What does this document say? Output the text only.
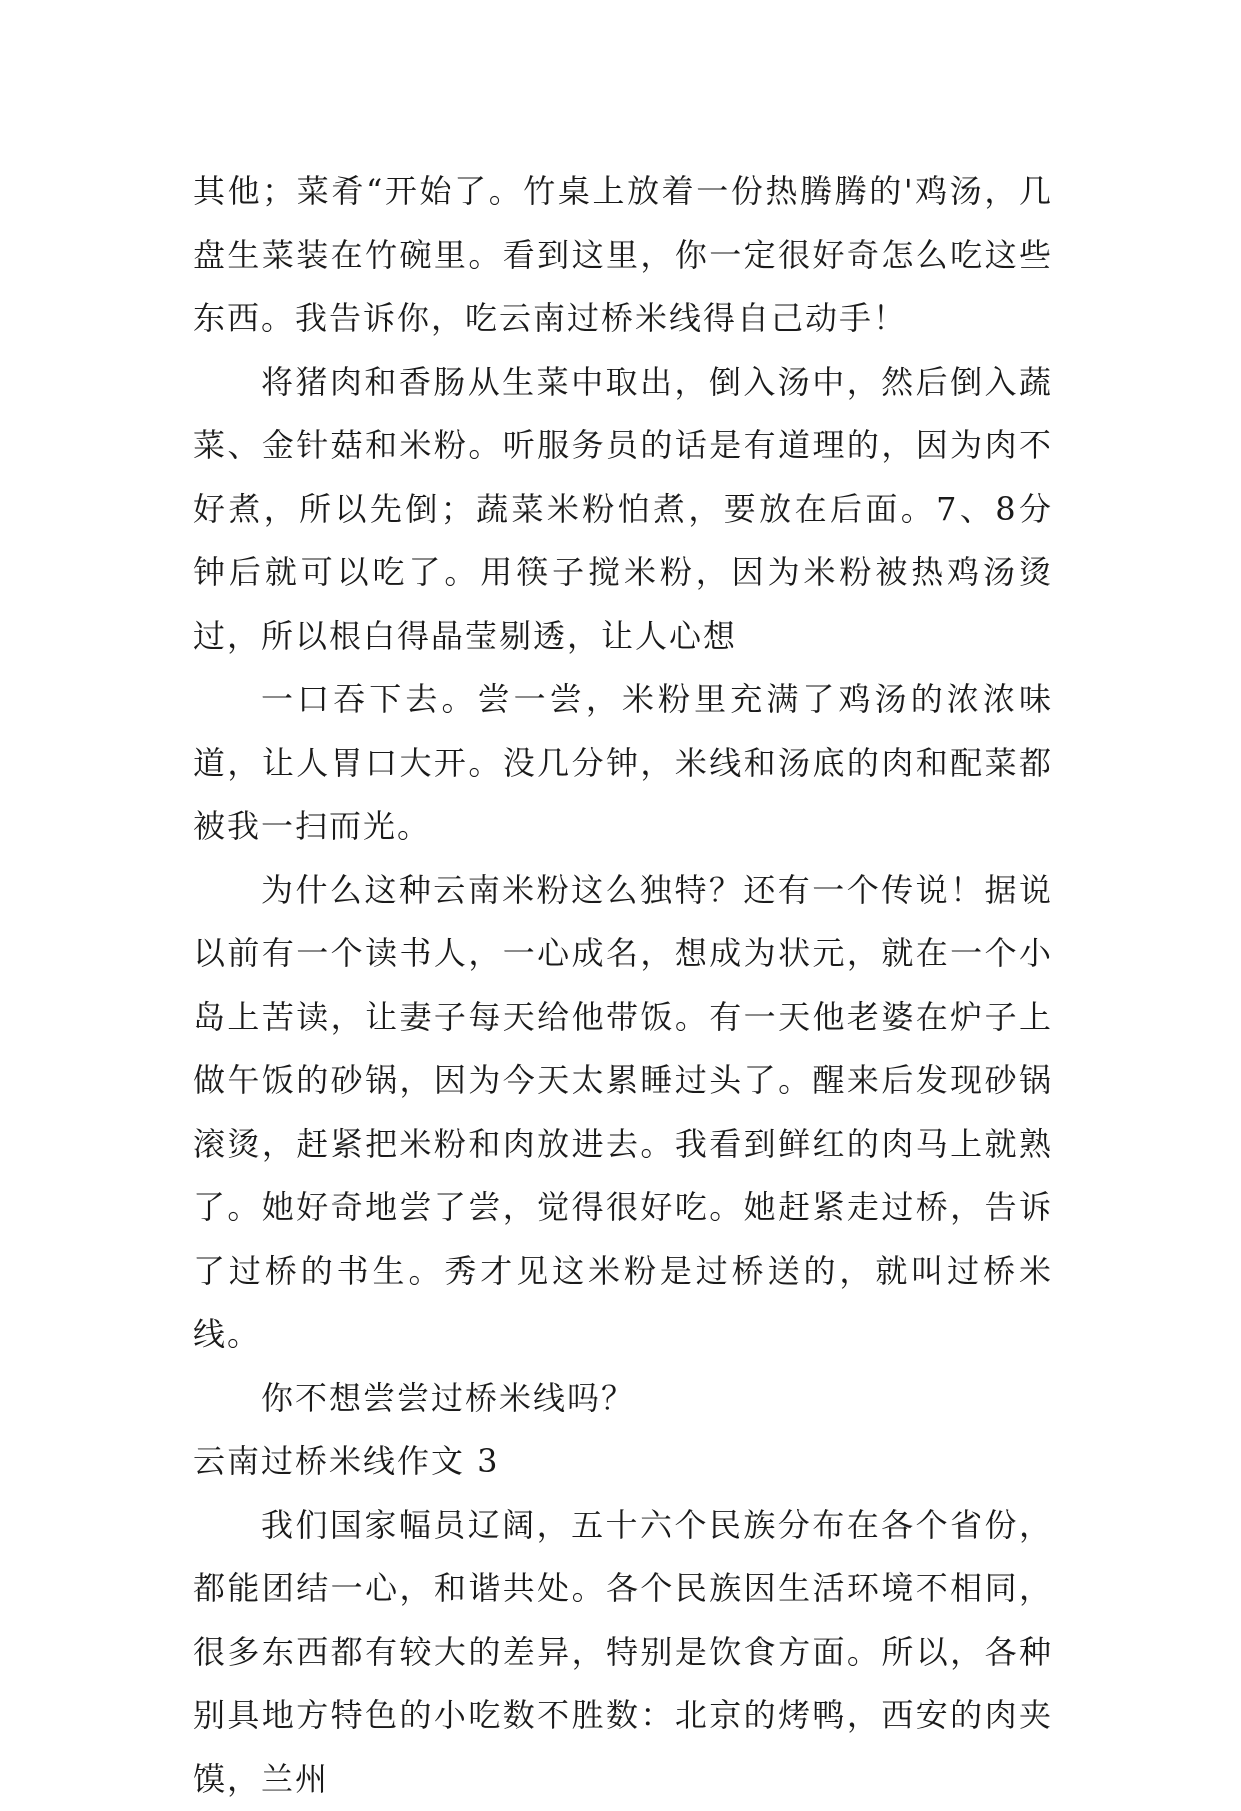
其他；菜肴“开始了。竹桌上放着一份热腾腾的'鸡汤，几盘生菜装在竹碗里。看到这里，你一定很好奇怎么吃这些东西。我告诉你，吃云南过桥米线得自己动手！

将猪肉和香肠从生菜中取出，倒入汤中，然后倒入蔬菜、金针菇和米粉。听服务员的话是有道理的，因为肉不好煮，所以先倒；蔬菜米粉怕煮，要放在后面。7、8分钟后就可以吃了。用筷子搅米粉，因为米粉被热鸡汤烫过，所以根白得晶莹剔透，让人心想

一口吞下去。尝一尝，米粉里充满了鸡汤的浓浓味道，让人胃口大开。没几分钟，米线和汤底的肉和配菜都被我一扫而光。

为什么这种云南米粉这么独特？还有一个传说！据说以前有一个读书人，一心成名，想成为状元，就在一个小岛上苦读，让妻子每天给他带饭。有一天他老婆在炉子上做午饭的砂锅，因为今天太累睡过头了。醒来后发现砂锅滚烫，赶紧把米粉和肉放进去。我看到鲜红的肉马上就熟了。她好奇地尝了尝，觉得很好吃。她赶紧走过桥，告诉了过桥的书生。秀才见这米粉是过桥送的，就叫过桥米线。

你不想尝尝过桥米线吗？

云南过桥米线作文 3

我们国家幅员辽阔，五十六个民族分布在各个省份，都能团结一心，和谐共处。各个民族因生活环境不相同，很多东西都有较大的差异，特别是饮食方面。所以，各种别具地方特色的小吃数不胜数：北京的烤鸭，西安的肉夹馍，兰州
